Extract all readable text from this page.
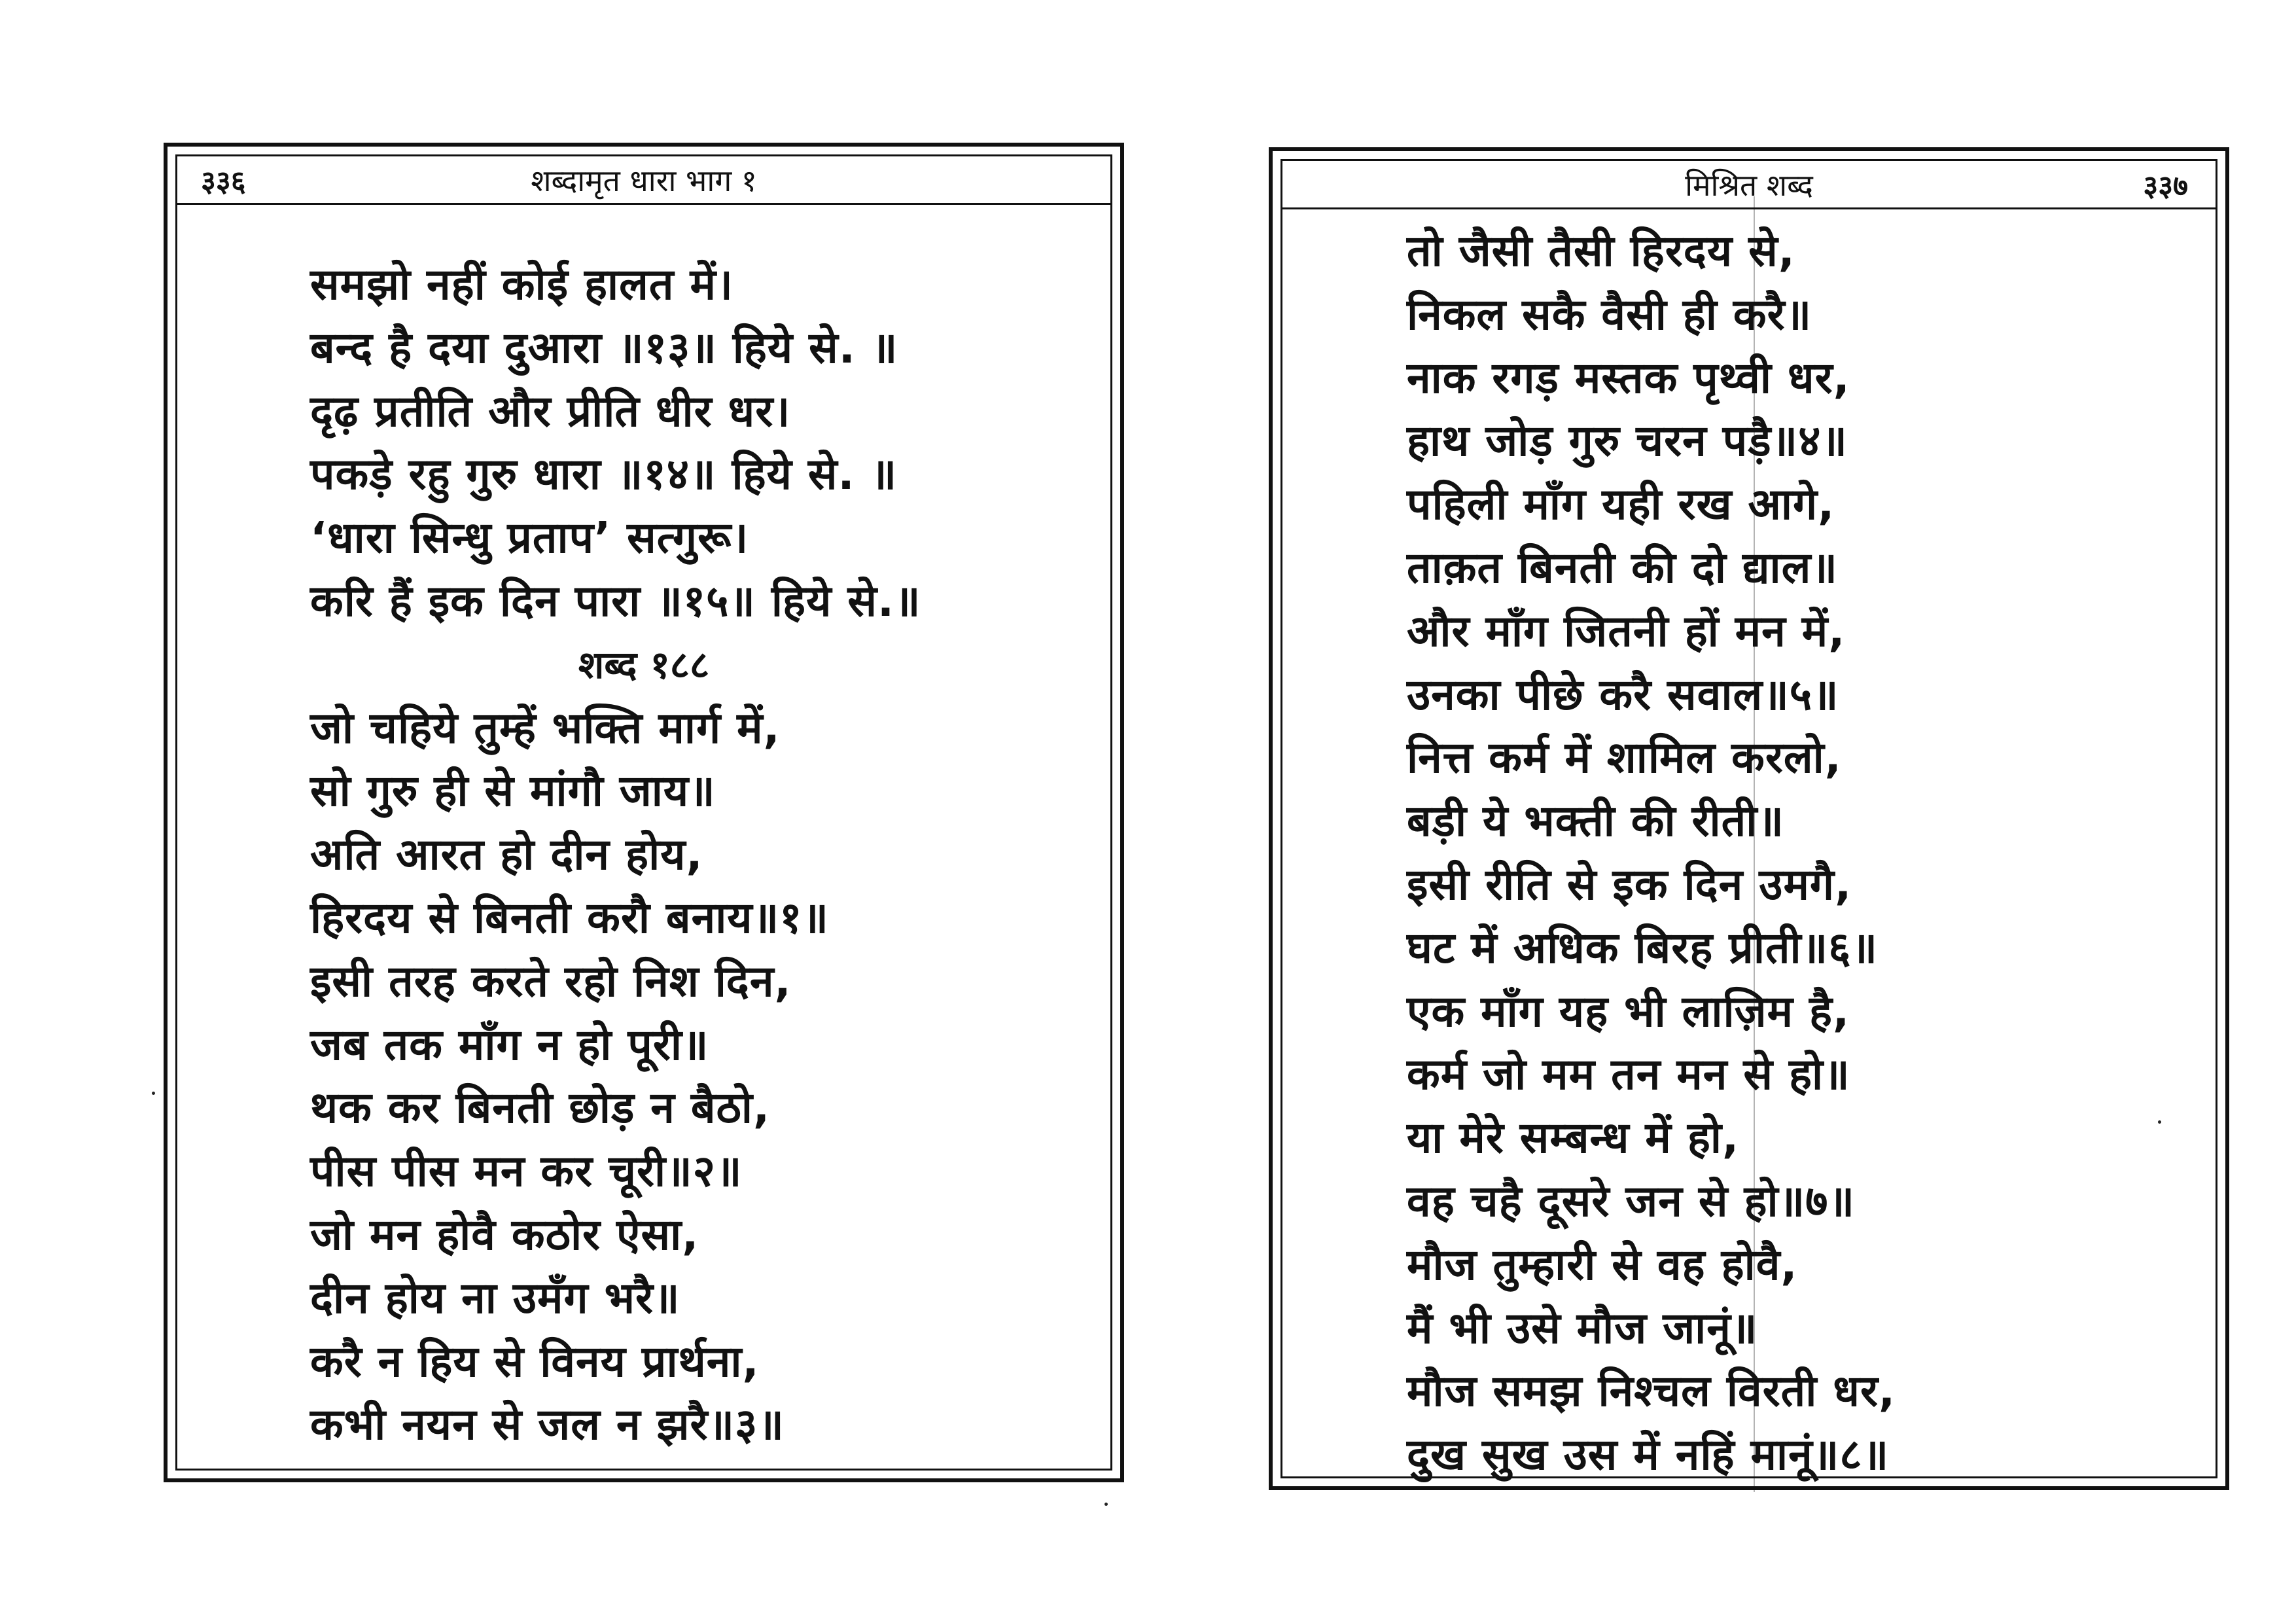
३३६	शब्दामृत धारा भाग १
समझो नहीं कोई हालत में।
बन्द है दया दुआरा ॥१३॥ हिये से. ॥
दृढ़ प्रतीति और प्रीति धीर धर।
पकड़े रहु गुरु धारा ॥१४॥ हिये से. ॥
‘धारा सिन्धु प्रताप’ सत्गुरू।
करि हैं इक दिन पारा ॥१५॥ हिये से.॥
शब्द १८८
जो चहिये तुम्हें भक्ति मार्ग में,
सो गुरु ही से मांगौ जाय॥
अति आरत हो दीन होय,
हिरदय से बिनती करौ बनाय॥१॥
इसी तरह करते रहो निश दिन,
जब तक माँग न हो पूरी॥
थक कर बिनती छोड़ न बैठो,
पीस पीस मन कर चूरी॥२॥
जो मन होवै कठोर ऐसा,
दीन होय ना उमँग भरै॥
करै न हिय से विनय प्रार्थना,
कभी नयन से जल न झरै॥३॥
मिश्रित शब्द	३३७
तो जैसी तैसी हिरदय से,
निकल सकै वैसी ही करै॥
नाक रगड़ मस्तक पृथ्वी धर,
हाथ जोड़ गुरु चरन पड़ै॥४॥
पहिली माँग यही रख आगे,
ताक़त बिनती की दो द्याल॥
और माँग जितनी हों मन में,
उनका पीछे करै सवाल॥५॥
नित्त कर्म में शामिल करलो,
बड़ी ये भक्ती की रीती॥
इसी रीति से इक दिन उमगै,
घट में अधिक बिरह प्रीती॥६॥
एक माँग यह भी लाज़िम है,
कर्म जो मम तन मन से हो॥
या मेरे सम्बन्ध में हो,
वह चहै दूसरे जन से हो॥७॥
मौज तुम्हारी से वह होवै,
मैं भी उसे मौज जानूं॥
मौज समझ निश्चल विरती धर,
दुख सुख उस में नहिं मानूं॥८॥
